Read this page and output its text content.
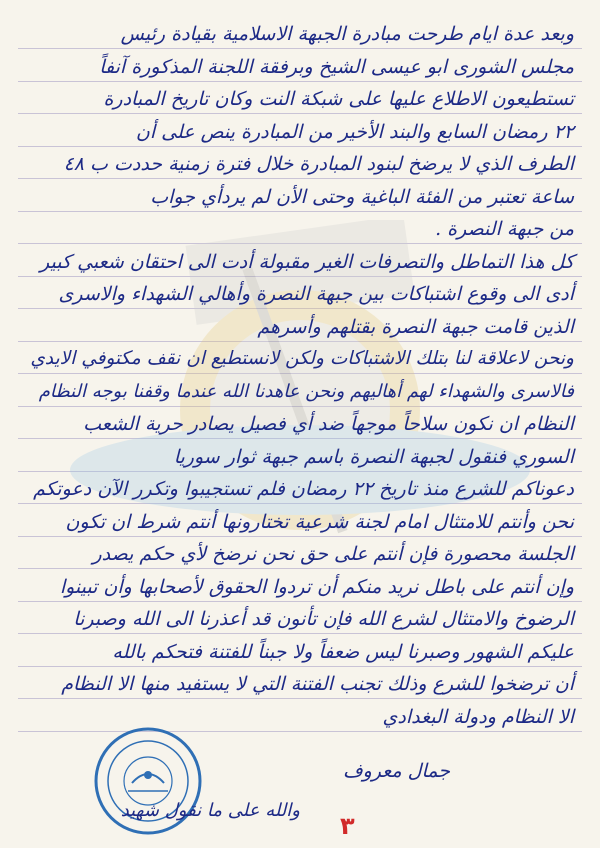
وبعد عدة ايام طرحت مبادرة الجبهة الاسلامية بقيادة رئيس
مجلس الشورى ابو عيسى الشيخ وبرفقة اللجنة المذكورة آنفاً
تستطيعون الاطلاع عليها على شبكة النت وكان تاريخ المبادرة
٢٢ رمضان السابع والبند الأخير من المبادرة ينص على أن
الطرف الذي لا يرضخ لبنود المبادرة خلال فترة زمنية حددت ب ٤٨
ساعة تعتبر من الفئة الباغية وحتى الأن لم يردأي جواب
من جبهة النصرة .
كل هذا التماطل والتصرفات الغير مقبولة أدت الى احتقان شعبي كبير
أدى الى وقوع اشتباكات بين جبهة النصرة وأهالي الشهداء والاسرى
الذين قامت جبهة النصرة بقتلهم وأسرهم
ونحن لاعلاقة لنا بتلك الاشتباكات ولكن لانستطيع ان نقف مكتوفي الايدي
فالاسرى والشهداء لهم أهاليهم ونحن عاهدنا الله عندما وقفنا بوجه النظام
النظام ان نكون سلاحاً موجهاً ضد أي فصيل يصادر حرية الشعب
السوري فنقول لجبهة النصرة باسم جبهة ثوار سوريا
دعوناكم للشرع منذ تاريخ ٢٢ رمضان فلم تستجيبوا وتكرر الآن دعوتكم
نحن وأنتم للامتثال امام لجنة شرعية تختارونها أنتم شرط ان تكون
الجلسة محصورة فإن أنتم على حق نحن نرضخ لأي حكم يصدر
وإن أنتم على باطل نريد منكم أن تردوا الحقوق لأصحابها وأن تبينوا
الرضوخ والامتثال لشرع الله فإن تأنون قد أعذرنا الى الله وصبرنا
عليكم الشهور وصبرنا ليس ضعفاً ولا جبناً للفتنة فتحكم بالله
أن ترضخوا للشرع وذلك تجنب الفتنة التي لا يستفيد منها الا النظام
الا النظام ودولة البغدادي
جمال معروف
والله على ما نقول شهيد
٣
